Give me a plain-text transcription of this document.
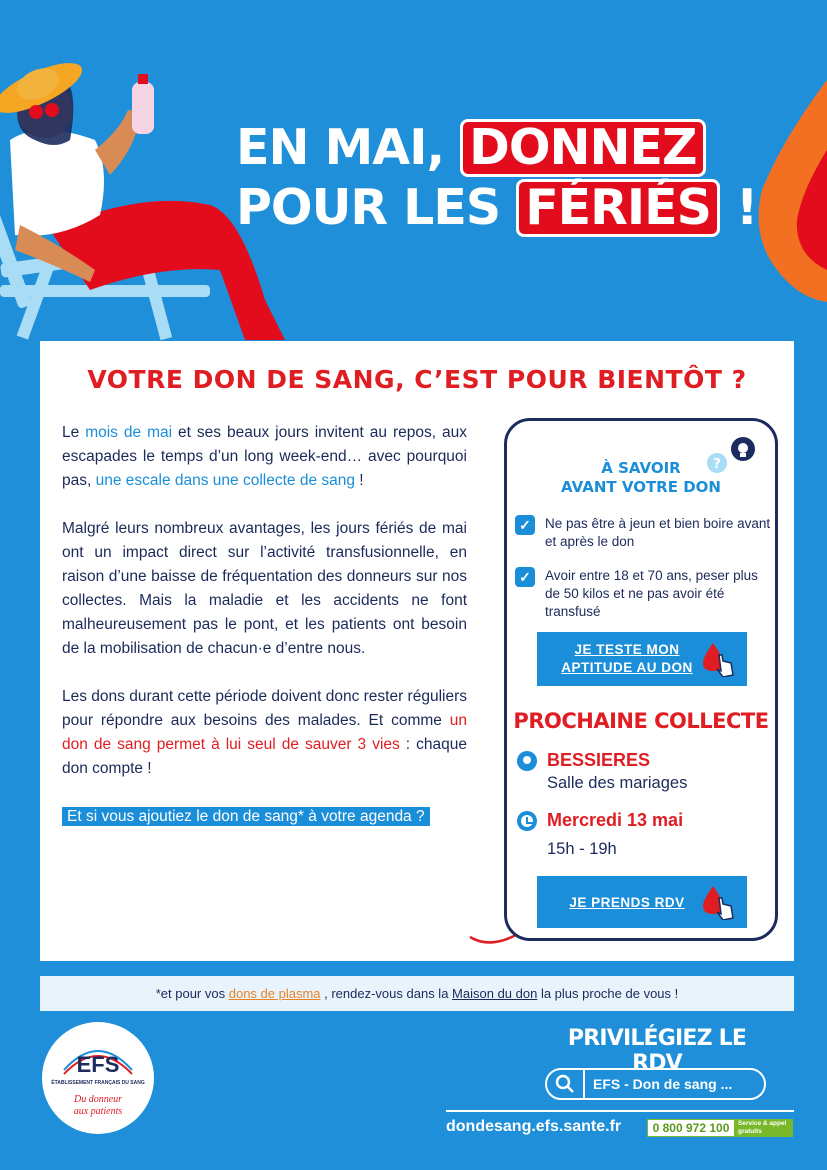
EN MAI, DONNEZ
POUR LES FÉRIÉS !
VOTRE DON DE SANG, C’EST POUR BIENTÔT ?

Le mois de mai et ses beaux jours invitent au repos, aux escapades le temps d’un long week-end… avec pourquoi pas, une escale dans une collecte de sang !

Malgré leurs nombreux avantages, les jours fériés de mai ont un impact direct sur l’activité transfusionnelle, en raison d’une baisse de fréquentation des donneurs sur nos collectes. Mais la maladie et les accidents ne font malheureusement pas le pont, et les patients ont besoin de la mobilisation de chacun·e d’entre nous.

Les dons durant cette période doivent donc rester réguliers pour répondre aux besoins des malades. Et comme un don de sang permet à lui seul de sauver 3 vies : chaque don compte !

Et si vous ajoutiez le don de sang* à votre agenda ?

?
À SAVOIR
AVANT VOTRE DON
✓	Ne pas être à jeun et bien boire avant et après le don
✓	Avoir entre 18 et 70 ans, peser plus de 50 kilos et ne pas avoir été transfusé
JE TESTE MON
APTITUDE AU DON
PROCHAINE COLLECTE
BESSIERES
Salle des mariages
Mercredi 13 mai
15h - 19h
JE PRENDS RDV
*et pour vos dons de plasma , rendez-vous dans la Maison du don la plus proche de vous !
EFS
ÉTABLISSEMENT FRANÇAIS DU SANG
Du donneur
aux patients
PRIVILÉGIEZ LE RDV
EFS - Don de sang ...
dondesang.efs.sante.fr	0 800 972 100	Service & appel
gratuits
